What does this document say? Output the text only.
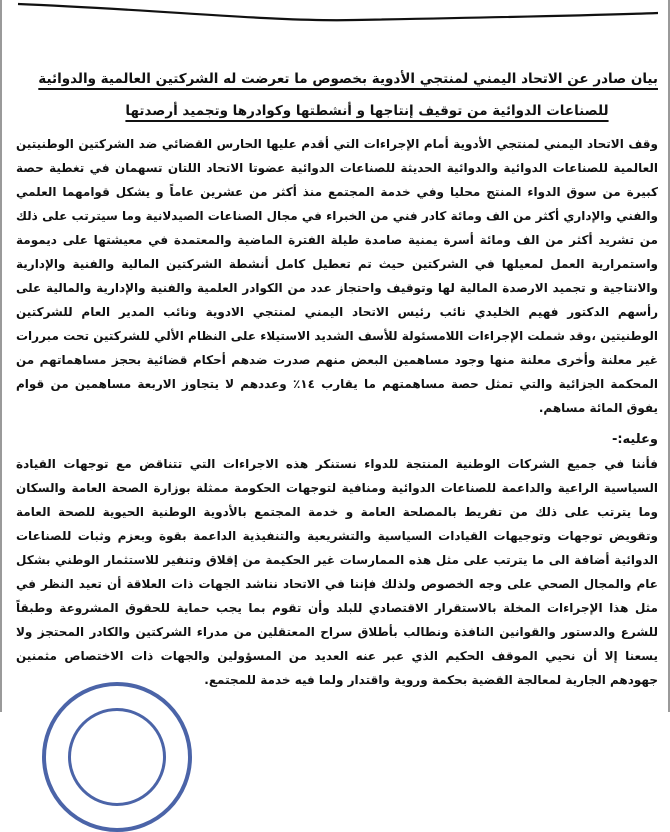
بيان صادر عن الاتحاد اليمني لمنتجي الأدوية بخصوص ما تعرضت له الشركتين العالمية والدوائية
للصناعات الدوائية من توقيف إنتاجها و أنشطتها وكوادرها وتجميد أرصدتها

وقف الاتحاد اليمني لمنتجي الأدوية أمام الإجراءات التي أقدم عليها الحارس القضائي ضد الشركتين الوطنيتين العالمية للصناعات الدوائية والدوائية الحديثة للصناعات الدوائية عضوتا الاتحاد اللتان تسهمان في تغطية حصة كبيرة من سوق الدواء المنتج محليا وفي خدمة المجتمع منذ أكثر من عشرين عاماً و يشكل قوامهما العلمي والفني والإداري أكثر من الف ومائة كادر فني من الخبراء في مجال الصناعات الصيدلانية وما سيترتب على ذلك من تشريد أكثر من الف ومائة أسرة يمنية صامدة طيلة الفترة الماضية والمعتمدة في معيشتها على ديمومة واستمرارية العمل لمعيلها في الشركتين حيث تم تعطيل كامل أنشطة الشركتين المالية والفنية والإدارية والانتاجية و تجميد الارصدة المالية لها وتوقيف واحتجاز عدد من الكوادر العلمية والفنية والإدارية والمالية على رأسهم الدكتور فهيم الخليدي نائب رئيس الاتحاد اليمني لمنتجي الادوية ونائب المدير العام للشركتين الوطنيتين ،وقد شملت الإجراءات اللامسئولة للأسف الشديد الاستيلاء على النظام الألي للشركتين تحت مبررات غير معلنة وأخرى معلنة منها وجود مساهمين البعض منهم صدرت ضدهم أحكام قضائية بحجز مساهماتهم من المحكمة الجزائية والتي تمثل حصة مساهمتهم ما يقارب ١٤٪ وعددهم لا يتجاوز الاربعة مساهمين من قوام يفوق المائة مساهم.

وعليه:-

فأننا في جميع الشركات الوطنية المنتجة للدواء نستنكر هذه الاجراءات التي تتناقض مع توجهات القيادة السياسية الراعية والداعمة للصناعات الدوائية ومنافية لتوجهات الحكومة ممثلة بوزارة الصحة العامة والسكان وما يترتب على ذلك من تفريط بالمصلحة العامة و خدمة المجتمع بالأدوية الوطنية الحيوية للصحة العامة وتقويض توجهات وتوجيهات القيادات السياسية والتشريعية والتنفيذية الداعمة بقوة وبعزم وثبات للصناعات الدوائية أضافة الى ما يترتب على مثل هذه الممارسات غير الحكيمة من إقلاق وتنفير للاستثمار الوطني بشكل عام والمجال الصحي على وجه الخصوص ولذلك فإننا في الاتحاد نناشد الجهات ذات العلاقة أن تعيد النظر في مثل هذا الإجراءات المخلة بالاستقرار الاقتصادي للبلد وأن تقوم بما يجب حماية للحقوق المشروعة وطبقاً للشرع والدستور والقوانين النافذة ونطالب بأطلاق سراح المعتقلين من مدراء الشركتين والكادر المحتجز ولا يسعنا إلا أن نحيي الموقف الحكيم الذي عبر عنه العديد من المسؤولين والجهات ذات الاختصاص مثمنين جهودهم الجارية لمعالجة القضية بحكمة وروية واقتدار ولما فيه خدمة للمجتمع.
